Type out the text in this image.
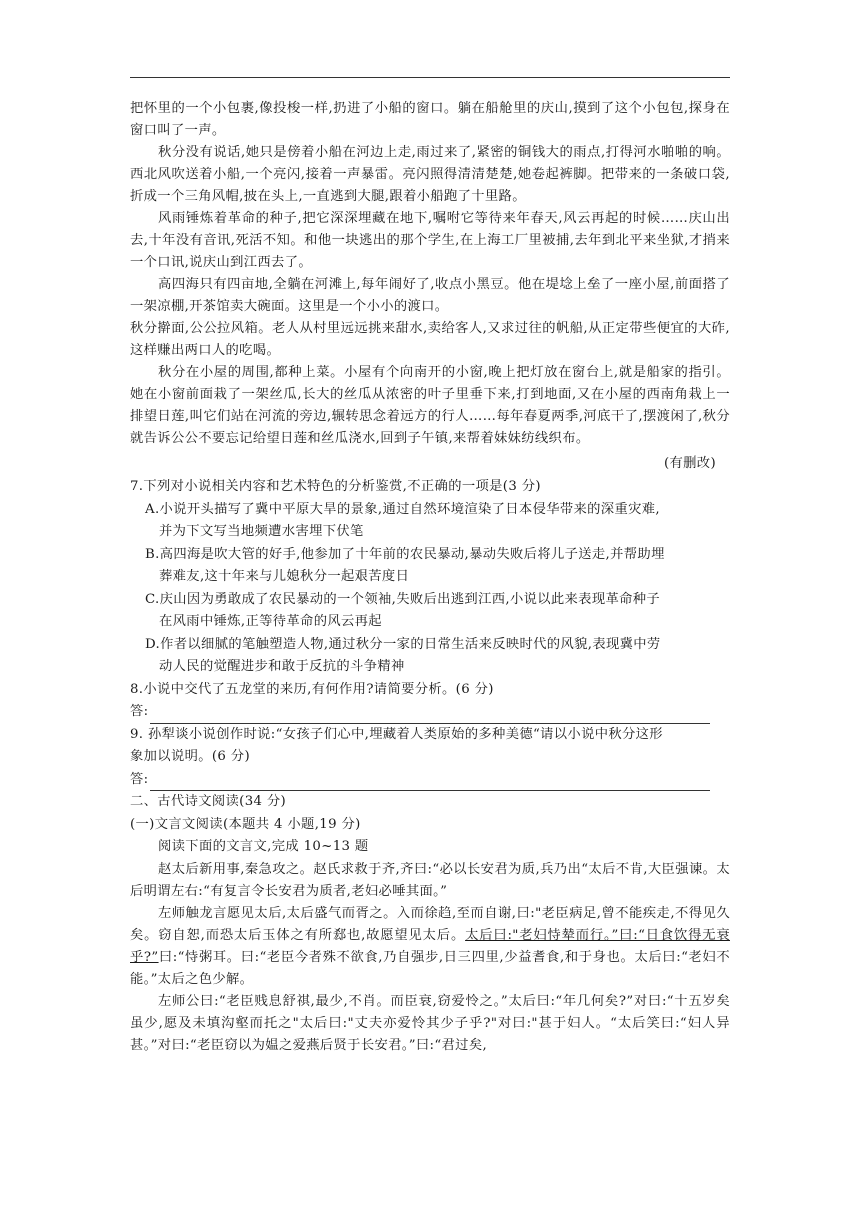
把怀里的一个小包裹,像投梭一样,扔进了小船的窗口。躺在船舱里的庆山,摸到了这个小包包,探身在窗口叫了一声。

秋分没有说话,她只是傍着小船在河边上走,雨过来了,紧密的铜钱大的雨点,打得河水啪啪的响。西北风吹送着小船,一个亮闪,接着一声暴雷。亮闪照得清清楚楚,她卷起裤脚。把带来的一条破口袋,折成一个三角风帽,披在头上,一直逃到大腿,跟着小船跑了十里路。

风雨锤炼着革命的种子,把它深深埋藏在地下,嘱咐它等待来年春天,风云再起的时候……庆山出去,十年没有音讯,死活不知。和他一块逃出的那个学生,在上海工厂里被捕,去年到北平来坐狱,才捎来一个口讯,说庆山到江西去了。

高四海只有四亩地,全躺在河滩上,每年闹好了,收点小黑豆。他在堤埝上垒了一座小屋,前面搭了一架凉棚,开茶馆卖大碗面。这里是一个小小的渡口。

秋分擀面,公公拉风箱。老人从村里远远挑来甜水,卖给客人,又求过往的帆船,从正定带些便宜的大砟,这样赚出两口人的吃喝。

秋分在小屋的周围,都种上菜。小屋有个向南开的小窗,晚上把灯放在窗台上,就是船家的指引。她在小窗前面栽了一架丝瓜,长大的丝瓜从浓密的叶子里垂下来,打到地面,又在小屋的西南角栽上一排望日莲,叫它们站在河流的旁边,辗转思念着远方的行人……每年春夏两季,河底干了,摆渡闲了,秋分就告诉公公不要忘记给望日莲和丝瓜浇水,回到子午镇,来帮着妹妹纺线织布。

(有删改)

7.下列对小说相关内容和艺术特色的分析鉴赏,不正确的一项是(3 分)

A.小说开头描写了冀中平原大旱的景象,通过自然环境渲染了日本侵华带来的深重灾难,
并为下文写当地频遭水害埋下伏笔

B.高四海是吹大管的好手,他参加了十年前的农民暴动,暴动失败后将儿子送走,并帮助埋
葬难友,这十年来与儿媳秋分一起艰苦度日

C.庆山因为勇敢成了农民暴动的一个领袖,失败后出逃到江西,小说以此来表现革命种子
在风雨中锤炼,正等待革命的风云再起

D.作者以细腻的笔触塑造人物,通过秋分一家的日常生活来反映时代的风貌,表现冀中劳
动人民的觉醒进步和敢于反抗的斗争精神

8.小说中交代了五龙堂的来历,有何作用?请简要分析。(6 分)

答:

9. 孙犁谈小说创作时说:“女孩子们心中,埋藏着人类原始的多种美德“请以小说中秋分这形

象加以说明。(6 分)

答:

二、古代诗文阅读(34 分)

(一)文言文阅读(本题共 4 小题,19 分)

阅读下面的文言文,完成 10~13 题

赵太后新用事,秦急攻之。赵氏求救于齐,齐曰:“必以长安君为质,兵乃出“太后不肯,大臣强谏。太后明谓左右:“有复言令长安君为质者,老妇必唾其面。”

左师触龙言愿见太后,太后盛气而胥之。入而徐趋,至而自谢,曰:"老臣病足,曾不能疾走,不得见久矣。窃自恕,而恐太后玉体之有所郄也,故愿望见太后。太后曰:"老妇恃辇而行。”曰:“日食饮得无衰乎?”曰:“恃粥耳。曰:“老臣今者殊不欲食,乃自强步,日三四里,少益耆食,和于身也。太后曰:“老妇不能。”太后之色少解。

左师公曰:“老臣贱息舒祺,最少,不肖。而臣衰,窃爱怜之。”太后曰:“年几何矣?”对曰:“十五岁矣 虽少,愿及未填沟壑而托之"太后曰:"丈夫亦爱怜其少子乎?"对曰:"甚于妇人。“太后笑曰:“妇人异甚。”对曰:“老臣窃以为媪之爱燕后贤于长安君。”曰:“君过矣,
